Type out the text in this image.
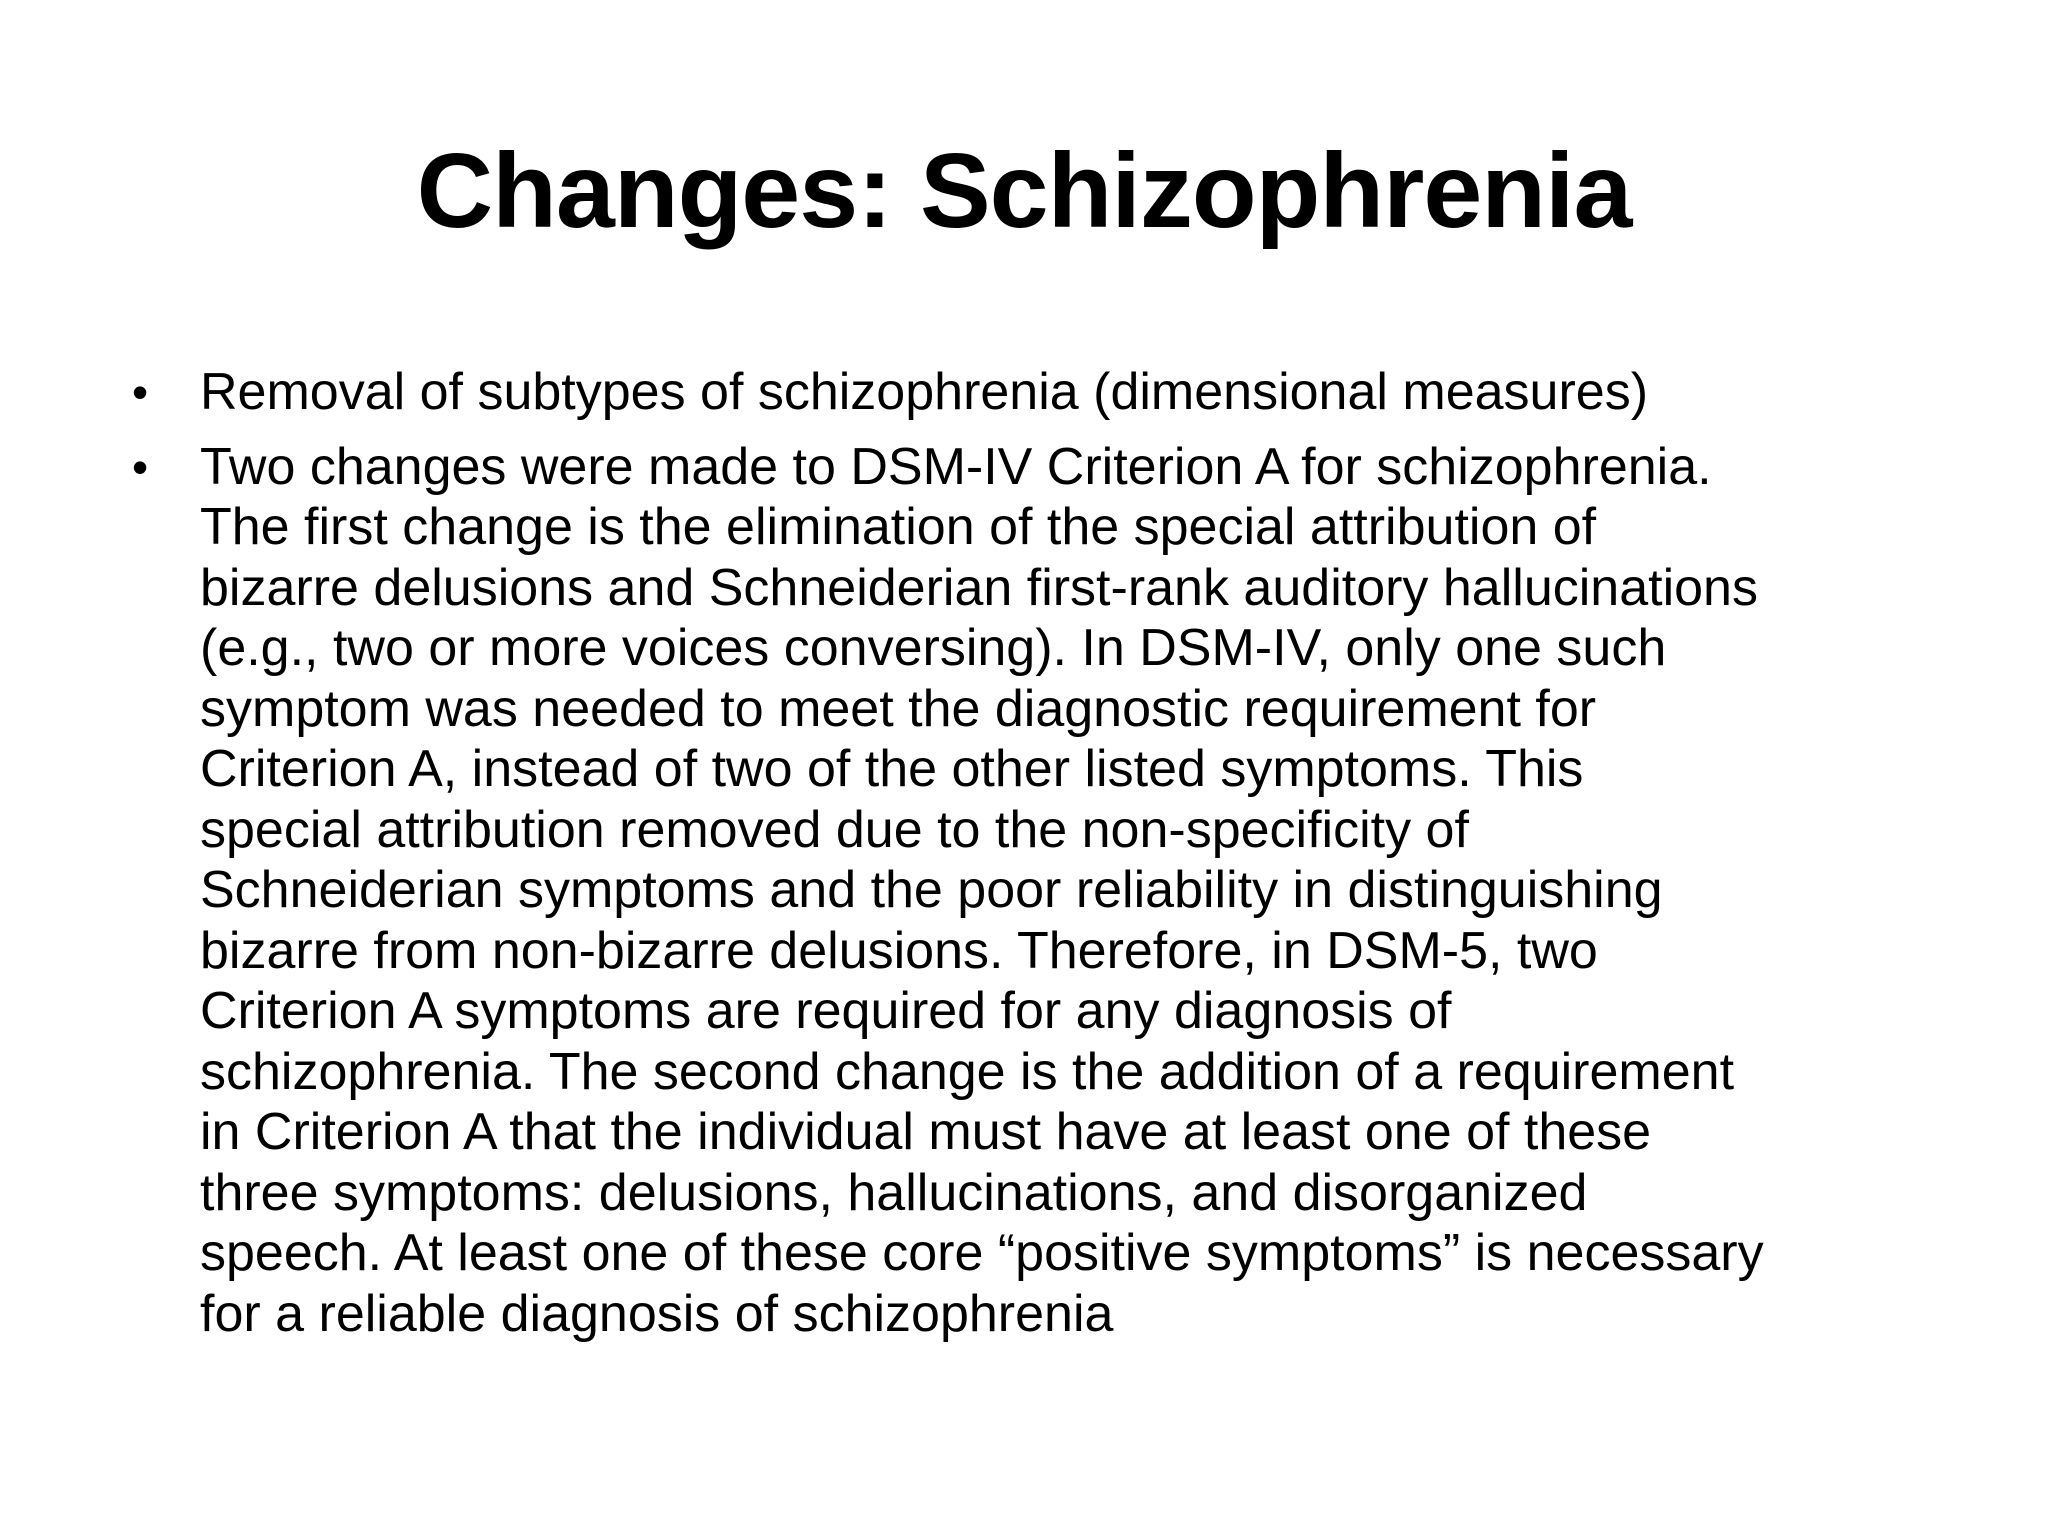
Changes: Schizophrenia
• Removal of subtypes of schizophrenia (dimensional measures)
• Two changes were made to DSM-IV Criterion A for schizophrenia.
The first change is the elimination of the special attribution of
bizarre delusions and Schneiderian first-rank auditory hallucinations
(e.g., two or more voices conversing). In DSM-IV, only one such
symptom was needed to meet the diagnostic requirement for
Criterion A, instead of two of the other listed symptoms. This
special attribution removed due to the non-specificity of
Schneiderian symptoms and the poor reliability in distinguishing
bizarre from non-bizarre delusions. Therefore, in DSM-5, two
Criterion A symptoms are required for any diagnosis of
schizophrenia. The second change is the addition of a requirement
in Criterion A that the individual must have at least one of these
three symptoms: delusions, hallucinations, and disorganized
speech. At least one of these core “positive symptoms” is necessary
for a reliable diagnosis of schizophrenia
